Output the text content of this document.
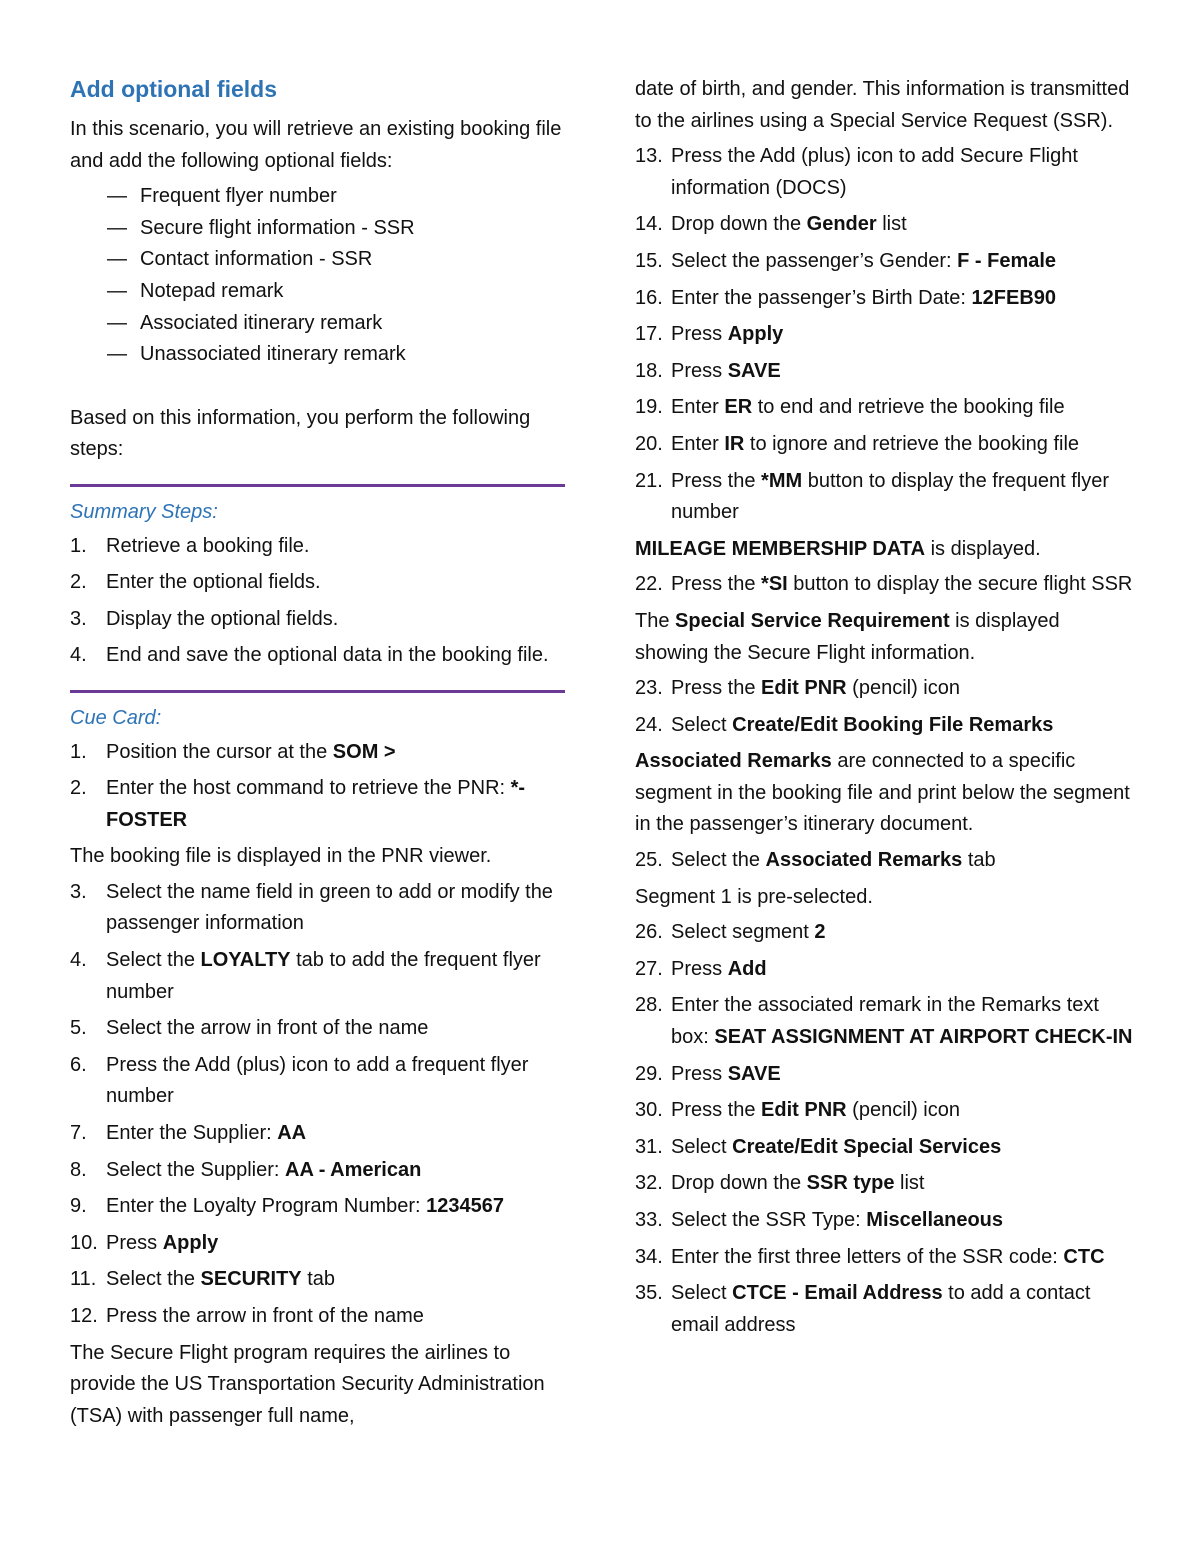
Add optional fields

In this scenario, you will retrieve an existing booking file and add the following optional fields:

— Frequent flyer number
— Secure flight information - SSR
— Contact information - SSR
— Notepad remark
— Associated itinerary remark
— Unassociated itinerary remark

Based on this information, you perform the following steps:

Summary Steps:

1. Retrieve a booking file.
2. Enter the optional fields.
3. Display the optional fields.
4. End and save the optional data in the booking file.

Cue Card:

1. Position the cursor at the SOM >
2. Enter the host command to retrieve the PNR: *-FOSTER

The booking file is displayed in the PNR viewer.

3. Select the name field in green to add or modify the passenger information
4. Select the LOYALTY tab to add the frequent flyer number
5. Select the arrow in front of the name
6. Press the Add (plus) icon to add a frequent flyer number
7. Enter the Supplier: AA
8. Select the Supplier: AA - American
9. Enter the Loyalty Program Number: 1234567
10. Press Apply
11. Select the SECURITY tab
12. Press the arrow in front of the name

The Secure Flight program requires the airlines to provide the US Transportation Security Administration (TSA) with passenger full name,

date of birth, and gender. This information is transmitted to the airlines using a Special Service Request (SSR).

13. Press the Add (plus) icon to add Secure Flight information (DOCS)
14. Drop down the Gender list
15. Select the passenger’s Gender: F - Female
16. Enter the passenger’s Birth Date: 12FEB90
17. Press Apply
18. Press SAVE
19. Enter ER to end and retrieve the booking file
20. Enter IR to ignore and retrieve the booking file
21. Press the *MM button to display the frequent flyer number

MILEAGE MEMBERSHIP DATA is displayed.

22. Press the *SI button to display the secure flight SSR

The Special Service Requirement is displayed showing the Secure Flight information.

23. Press the Edit PNR (pencil) icon
24. Select Create/Edit Booking File Remarks

Associated Remarks are connected to a specific segment in the booking file and print below the segment in the passenger’s itinerary document.

25. Select the Associated Remarks tab

Segment 1 is pre-selected.

26. Select segment 2
27. Press Add
28. Enter the associated remark in the Remarks text box: SEAT ASSIGNMENT AT AIRPORT CHECK-IN
29. Press SAVE
30. Press the Edit PNR (pencil) icon
31. Select Create/Edit Special Services
32. Drop down the SSR type list
33. Select the SSR Type: Miscellaneous
34. Enter the first three letters of the SSR code: CTC
35. Select CTCE - Email Address to add a contact email address
